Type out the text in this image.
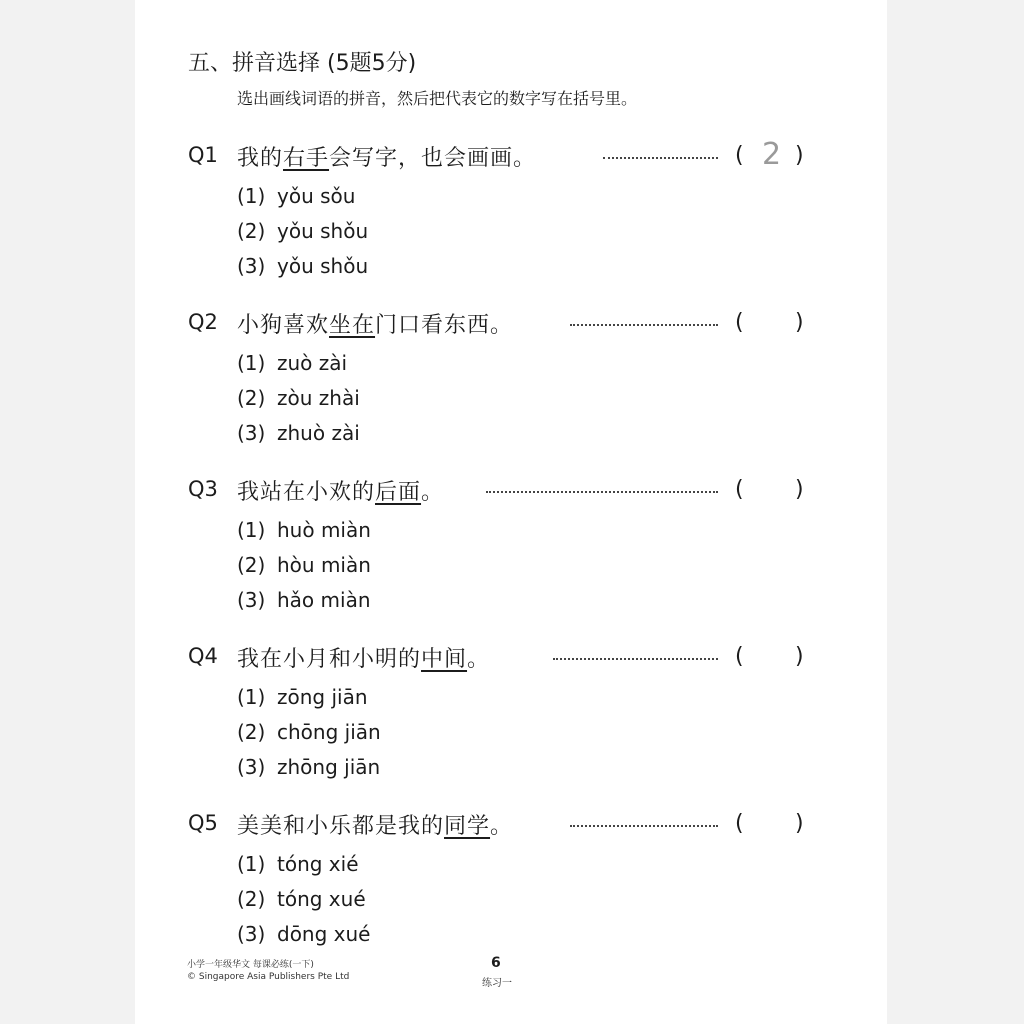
五、拼音选择 (5题5分)
选出画线词语的拼音，然后把代表它的数字写在括号里。
Q1 我的右手会写字，也会画画。	( 2 )
(1) yǒu sǒu
(2) yǒu shǒu
(3) yǒu shǒu
Q2 小狗喜欢坐在门口看东西。	( )
(1) zuò zài
(2) zòu zhài
(3) zhuò zài
Q3 我站在小欢的后面。	( )
(1) huò miàn
(2) hòu miàn
(3) hǎo miàn
Q4 我在小月和小明的中间。	( )
(1) zōng jiān
(2) chōng jiān
(3) zhōng jiān
Q5 美美和小乐都是我的同学。	( )
(1) tóng xié
(2) tóng xué
(3) dōng xué
小学一年级华文 每课必练(一下)
© Singapore Asia Publishers Pte Ltd
6
练习一
